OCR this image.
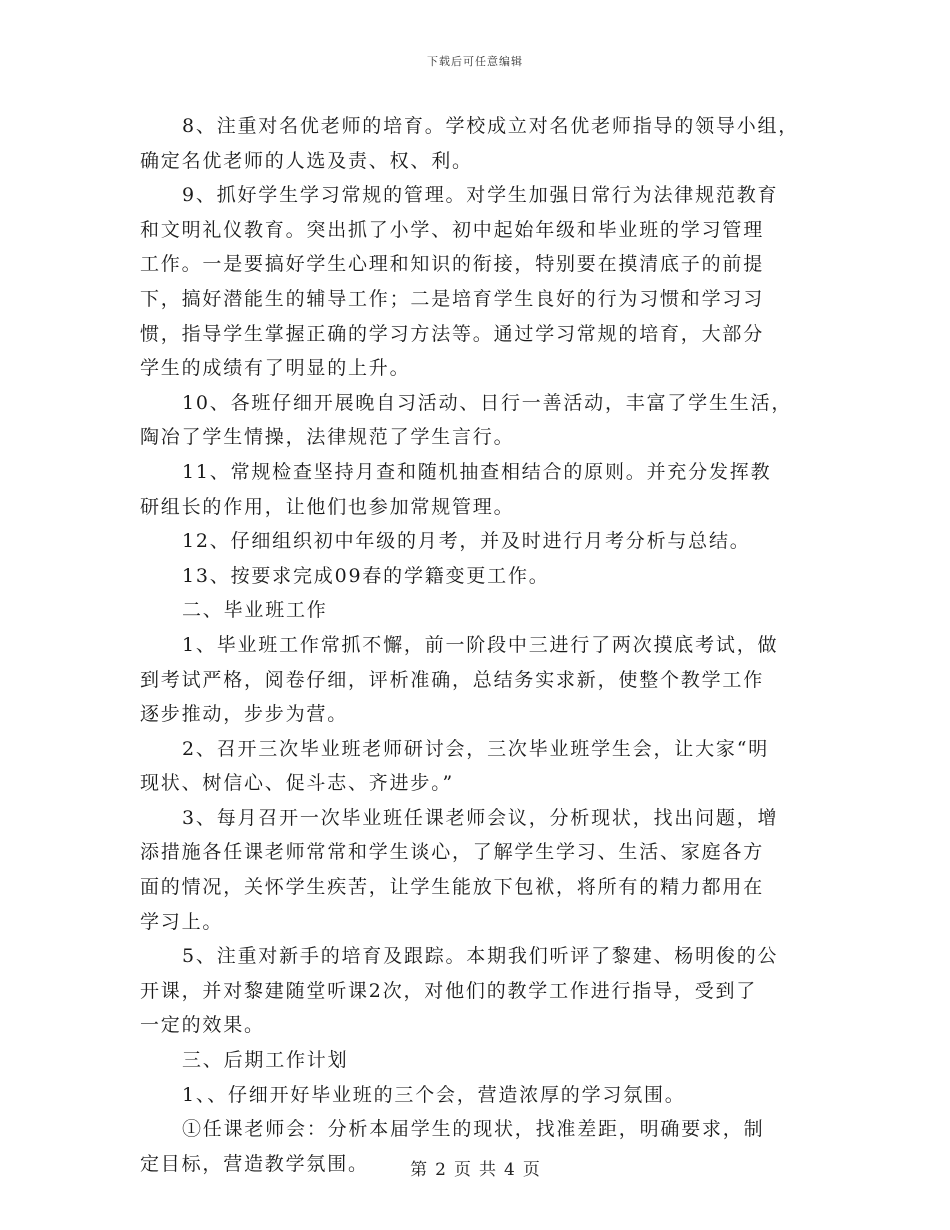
下载后可任意编辑
8、注重对名优老师的培育。学校成立对名优老师指导的领导小组，
确定名优老师的人选及责、权、利。
9、抓好学生学习常规的管理。对学生加强日常行为法律规范教育
和文明礼仪教育。突出抓了小学、初中起始年级和毕业班的学习管理
工作。一是要搞好学生心理和知识的衔接，特别要在摸清底子的前提
下，搞好潜能生的辅导工作；二是培育学生良好的行为习惯和学习习
惯，指导学生掌握正确的学习方法等。通过学习常规的培育，大部分
学生的成绩有了明显的上升。
10、各班仔细开展晚自习活动、日行一善活动，丰富了学生生活，
陶冶了学生情操，法律规范了学生言行。
11、常规检查坚持月查和随机抽查相结合的原则。并充分发挥教
研组长的作用，让他们也参加常规管理。
12、仔细组织初中年级的月考，并及时进行月考分析与总结。
13、按要求完成09春的学籍变更工作。
二、毕业班工作
1、毕业班工作常抓不懈，前一阶段中三进行了两次摸底考试，做
到考试严格，阅卷仔细，评析准确，总结务实求新，使整个教学工作
逐步推动，步步为营。
2、召开三次毕业班老师研讨会，三次毕业班学生会，让大家“明
现状、树信心、促斗志、齐进步。”
3、每月召开一次毕业班任课老师会议，分析现状，找出问题，增
添措施各任课老师常常和学生谈心，了解学生学习、生活、家庭各方
面的情况，关怀学生疾苦，让学生能放下包袱，将所有的精力都用在
学习上。
5、注重对新手的培育及跟踪。本期我们听评了黎建、杨明俊的公
开课，并对黎建随堂听课2次，对他们的教学工作进行指导，受到了
一定的效果。
三、后期工作计划
1、、仔细开好毕业班的三个会，营造浓厚的学习氛围。
①任课老师会：分析本届学生的现状，找准差距，明确要求，制
定目标，营造教学氛围。	第 2 页 共 4 页
